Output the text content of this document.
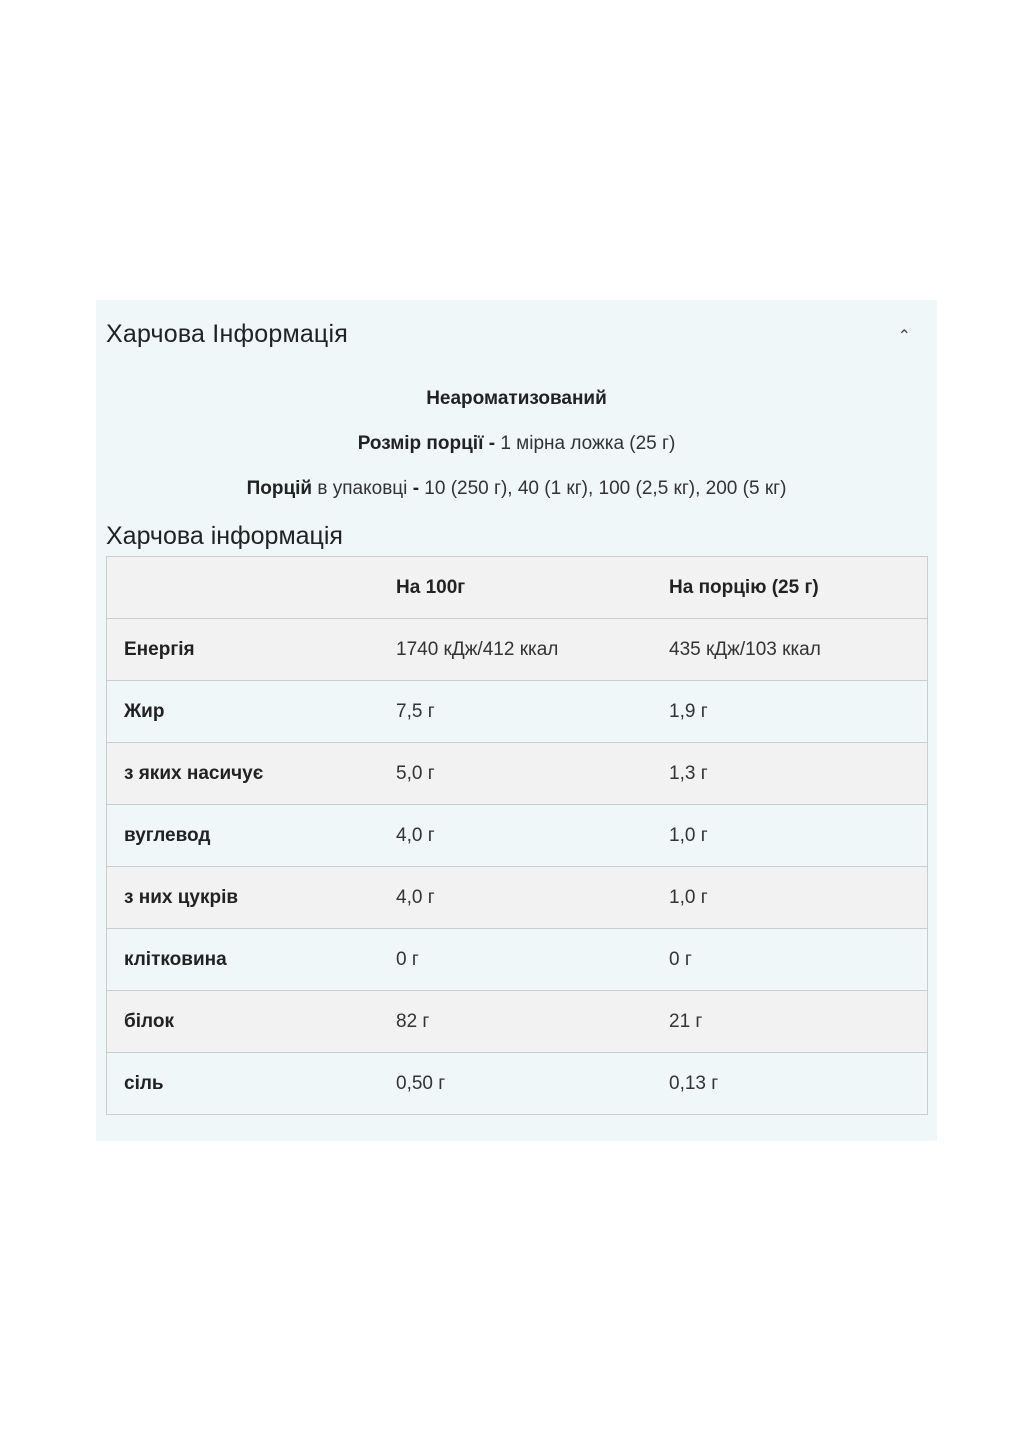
Харчова Інформація	⌃
Неароматизований
Розмір порції - 1 мірна ложка (25 г)
Порцій в упаковці - 10 (250 г), 40 (1 кг), 100 (2,5 кг), 200 (5 кг)
Харчова інформація
	На 100г	На порцію (25 г)
Енергія	1740 кДж/412 ккал	435 кДж/103 ккал
Жир	7,5 г	1,9 г
з яких насичує	5,0 г	1,3 г
вуглевод	4,0 г	1,0 г
з них цукрів	4,0 г	1,0 г
клітковина	0 г	0 г
білок	82 г	21 г
сіль	0,50 г	0,13 г
